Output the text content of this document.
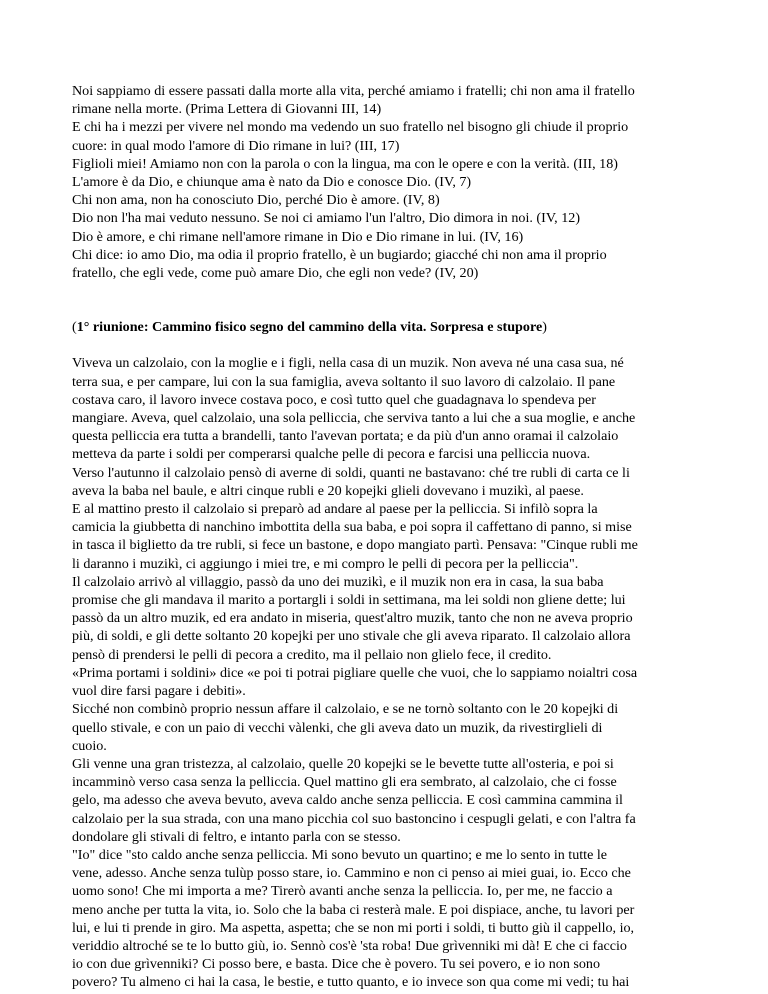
Noi sappiamo di essere passati dalla morte alla vita, perché amiamo i fratelli; chi non ama il fratello
rimane nella morte. (Prima Lettera di Giovanni III, 14)
E chi ha i mezzi per vivere nel mondo ma vedendo un suo fratello nel bisogno gli chiude il proprio
cuore: in qual modo l'amore di Dio rimane in lui? (III, 17)
Figlioli miei! Amiamo non con la parola o con la lingua, ma con le opere e con la verità. (III, 18)
L'amore è da Dio, e chiunque ama è nato da Dio e conosce Dio. (IV, 7)
Chi non ama, non ha conosciuto Dio, perché Dio è amore. (IV, 8)
Dio non l'ha mai veduto nessuno. Se noi ci amiamo l'un l'altro, Dio dimora in noi. (IV, 12)
Dio è amore, e chi rimane nell'amore rimane in Dio e Dio rimane in lui. (IV, 16)
Chi dice: io amo Dio, ma odia il proprio fratello, è un bugiardo; giacché chi non ama il proprio
fratello, che egli vede, come può amare Dio, che egli non vede? (IV, 20)
(1° riunione: Cammino fisico segno del cammino della vita. Sorpresa e stupore)
Viveva un calzolaio, con la moglie e i figli, nella casa di un muzik. Non aveva né una casa sua, né
terra sua, e per campare, lui con la sua famiglia, aveva soltanto il suo lavoro di calzolaio. Il pane
costava caro, il lavoro invece costava poco, e così tutto quel che guadagnava lo spendeva per
mangiare. Aveva, quel calzolaio, una sola pelliccia, che serviva tanto a lui che a sua moglie, e anche
questa pelliccia era tutta a brandelli, tanto l'avevan portata; e da più d'un anno oramai il calzolaio
metteva da parte i soldi per comperarsi qualche pelle di pecora e farcisi una pelliccia nuova.
Verso l'autunno il calzolaio pensò di averne di soldi, quanti ne bastavano: ché tre rubli di carta ce li
aveva la baba nel baule, e altri cinque rubli e 20 kopejki glieli dovevano i muzikì, al paese.
E al mattino presto il calzolaio si preparò ad andare al paese per la pelliccia. Si infilò sopra la
camicia la giubbetta di nanchino imbottita della sua baba, e poi sopra il caffettano di panno, si mise
in tasca il biglietto da tre rubli, si fece un bastone, e dopo mangiato partì. Pensava: "Cinque rubli me
li daranno i muzikì, ci aggiungo i miei tre, e mi compro le pelli di pecora per la pelliccia".
Il calzolaio arrivò al villaggio, passò da uno dei muzikì, e il muzik non era in casa, la sua baba
promise che gli mandava il marito a portargli i soldi in settimana, ma lei soldi non gliene dette; lui
passò da un altro muzik, ed era andato in miseria, quest'altro muzik, tanto che non ne aveva proprio
più, di soldi, e gli dette soltanto 20 kopejki per uno stivale che gli aveva riparato. Il calzolaio allora
pensò di prendersi le pelli di pecora a credito, ma il pellaio non glielo fece, il credito.
«Prima portami i soldini» dice «e poi ti potrai pigliare quelle che vuoi, che lo sappiamo noialtri cosa
vuol dire farsi pagare i debiti».
Sicché non combinò proprio nessun affare il calzolaio, e se ne tornò soltanto con le 20 kopejki di
quello stivale, e con un paio di vecchi vàlenki, che gli aveva dato un muzik, da rivestirglieli di
cuoio.
Gli venne una gran tristezza, al calzolaio, quelle 20 kopejki se le bevette tutte all'osteria, e poi si
incamminò verso casa senza la pelliccia. Quel mattino gli era sembrato, al calzolaio, che ci fosse
gelo, ma adesso che aveva bevuto, aveva caldo anche senza pelliccia. E così cammina cammina il
calzolaio per la sua strada, con una mano picchia col suo bastoncino i cespugli gelati, e con l'altra fa
dondolare gli stivali di feltro, e intanto parla con se stesso.
"Io" dice "sto caldo anche senza pelliccia. Mi sono bevuto un quartino; e me lo sento in tutte le
vene, adesso. Anche senza tulùp posso stare, io. Cammino e non ci penso ai miei guai, io. Ecco che
uomo sono! Che mi importa a me? Tirerò avanti anche senza la pelliccia. Io, per me, ne faccio a
meno anche per tutta la vita, io. Solo che la baba ci resterà male. E poi dispiace, anche, tu lavori per
lui, e lui ti prende in giro. Ma aspetta, aspetta; che se non mi porti i soldi, ti butto giù il cappello, io,
veriddio altroché se te lo butto giù, io. Sennò cos'è 'sta roba! Due grìvenniki mi dà! E che ci faccio
io con due grìvenniki? Ci posso bere, e basta. Dice che è povero. Tu sei povero, e io non sono
povero? Tu almeno ci hai la casa, le bestie, e tutto quanto, e io invece son qua come mi vedi; tu hai
